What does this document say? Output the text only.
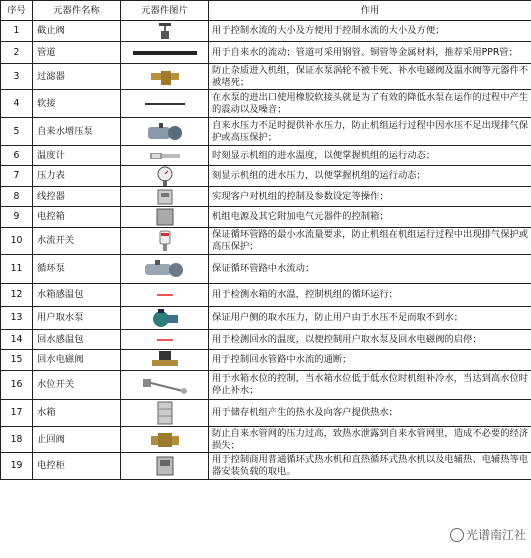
序号	元器件名称	元器件图片	作用
1	截止阀		用于控制水流的大小及方便用于控制水流的大小及方便；
2	管道		用于自来水的流动；管道可采用钢管、铜管等金属材料，推荐采用PPR管；
3	过滤器		防止杂质进入机组，保证水泵涡轮不被卡死、补水电磁阀及温水阀等元器件不被堵死；
4	软接		在水泵的进出口使用橡胶软接头就是为了有效的降低水泵在运作的过程中产生的震动以及噪音；
5	自来水增压泵		自来水压力不足时提供补水压力，防止机组运行过程中因水压不足出现排气保护或高压保护；
6	温度计		时刻显示机组的进水温度，以便掌握机组的运行动态；
7	压力表		刻显示机组的进水压力，以便掌握机组的运行动态；
8	线控器		实现客户对机组的控制及参数设定等操作；
9	电控箱		机组电源及其它附加电气元器件的控制箱；
10	水流开关		保证循环管路的最小水流量要求，防止机组在机组运行过程中出现排气保护或高压保护；
11	循环泵		保证循环管路中水流动；
12	水箱感温包		用于检测水箱的水温，控制机组的循环运行；
13	用户取水泵		保证用户侧的取水压力，防止用户由于水压不足而取不到水；
14	回水感温包		用于检测回水的温度，以便控制用户取水泵及回水电磁阀的启停；
15	回水电磁阀		用于控制回水管路中水流的通断；
16	水位开关		用于水箱水位的控制，当水箱水位低于低水位时机组补冷水，当达到高水位时停止补水；
17	水箱		用于储存机组产生的热水及向客户提供热水；
18	止回阀		防止自来水管网的压力过高，致热水泄露到自来水管网里，造成不必要的经济损失；
19	电控柜		用于控制商用普通循环式热水机和直热循环式热水机以及电辅热、电辅热等电器安装负载的取电。
光谱南江社
